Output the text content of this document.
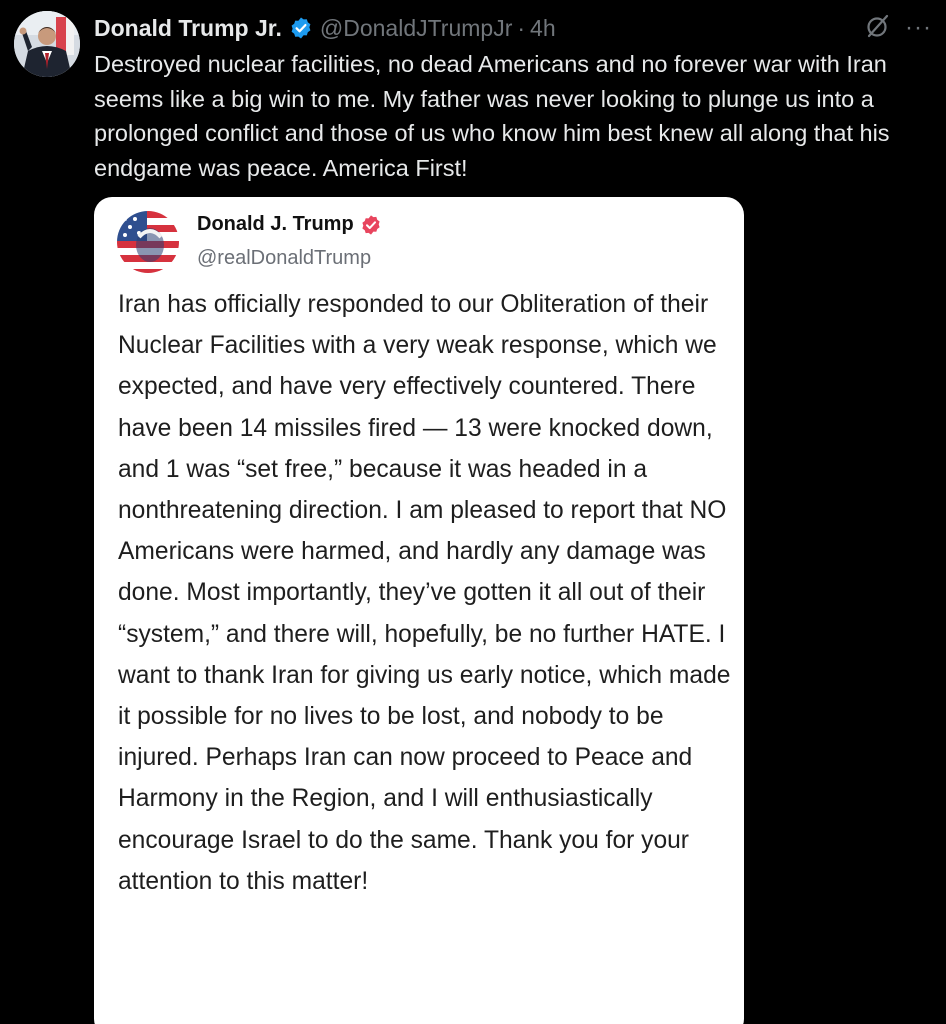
Donald Trump Jr. @DonaldJTrumpJr · 4h	···
Destroyed nuclear facilities, no dead Americans and no forever war with Iran seems like a big win to me. My father was never looking to plunge us into a prolonged conflict and those of us who know him best knew all along that his endgame was peace. America First!
Donald J. Trump
@realDonaldTrump
Iran has officially responded to our Obliteration of their Nuclear Facilities with a very weak response, which we expected, and have very effectively countered. There have been 14 missiles fired — 13 were knocked down, and 1 was “set free,” because it was headed in a nonthreatening direction. I am pleased to report that NO Americans were harmed, and hardly any damage was done. Most importantly, they’ve gotten it all out of their “system,” and there will, hopefully, be no further HATE. I want to thank Iran for giving us early notice, which made it possible for no lives to be lost, and nobody to be injured. Perhaps Iran can now proceed to Peace and Harmony in the Region, and I will enthusiastically encourage Israel to do the same. Thank you for your attention to this matter!
